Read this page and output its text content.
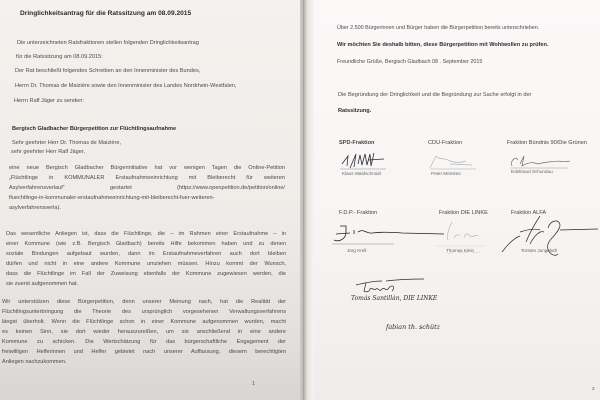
Dringlichkeitsantrag für die Ratssitzung am 08.09.2015
Die unterzeichneten Ratsfraktionen stellen folgenden Dringlichkeitsantrag
für die Ratssitzung am 08.09.2015:
Der Rat beschließt folgendes Schreiben an den Innenminister des Bundes,
Herrn Dr. Thomas de Maizière sowie den Innenminister des Landes Nordrhein-Westfalen,
Herrn Ralf Jäger zu senden:
Bergisch Gladbacher Bürgerpetition zur Flüchtlingsaufnahme
Sehr geehrter Herr Dr. Thomas de Maizière,
sehr geehrter Herr Ralf Jäger,
eine neue Bergisch Gladbacher Bürgerinitiative hat vor wenigen Tagen die Online-Petition
„Flüchtlinge in KOMMUNALER Erstaufnahmeeinrichtung mit Bleiberecht für weiteren
Asylverfahrensverlauf“ gestartet (https://www.openpetition.de/petition/online/
fluechtlinge-in-kommunaler-erstaufnahmeeinrichtung-mit-bleiberecht-fuer-weiteren-
asylverfahrensverla).
Das wesentliche Anliegen ist, dass die Flüchtlinge, die – im Rahmen einer Erstaufnahme – in
einer Kommune (wie z.B. Bergisch Gladbach) bereits Hilfe bekommen haben und zu denen
soziale Bindungen aufgebaut wurden, dann im Erstaufnahmeverfahren auch dort bleiben
dürfen und nicht in eine andere Kommune umziehen müssen. Hinzu kommt der Wunsch,
dass die Flüchtlinge im Fall der Zuweisung ebenfalls der Kommune zugewiesen werden, die
sie zuerst aufgenommen hat.
Wir unterstützen diese Bürgerpetition, denn unserer Meinung nach, hat die Realität der
Flüchtlingsunterbringung die Theorie des ursprünglich vorgesehenen Verwaltungsverfahrens
längst überholt. Wenn die Flüchtlinge schon in einer Kommune aufgenommen wurden, macht
es keinen Sinn, sie dort wieder herauszureißen, um sie anschließend in eine andere
Kommune zu schicken. Die Wertschätzung für das bürgerschaftliche Engagement der
freiwilligen Helferinnen und Helfer gebietet nach unserer Auffassung, diesem berechtigten
Anliegen nachzukommen.
1
Über 2.500 Bürgerinnen und Bürger haben die Bürgerpetition bereits unterschrieben.
Wir möchten Sie deshalb bitten, diese Bürgerpetition mit Wohlwollen zu prüfen.
Freundliche Grüße, Bergisch Gladbach 08 . September 2015
Die Begründung der Dringlichkeit und die Begründung zur Sache erfolgt in der
Ratssitzung.
SPD-Fraktion	CDU-Fraktion	Fraktion Bündnis 90/Die Grünen
Klaus Waldschmidt	Peter Mömkes	Edeltraud Schundau
F.D.P.- Fraktion	Fraktion DIE LINKE	Fraktion ALFA
Jörg Krell	Thomas Klein	Torsten Jungbluth
Tomás Santillán, DIE LINKE
fabian th. schütz
2
